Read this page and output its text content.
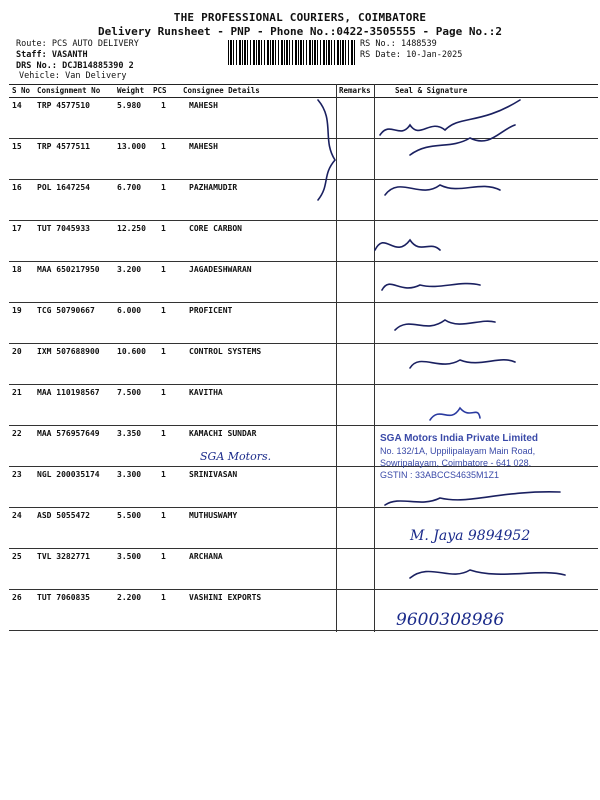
THE PROFESSIONAL COURIERS, COIMBATORE
Delivery Runsheet - PNP - Phone No.:0422-3505555 - Page No.:2
Route: PCS AUTO DELIVERY
Staff: VASANTH
DRS No.: DCJB14885390 2
Vehicle: Van Delivery
RS No.: 1488539
RS Date: 10-Jan-2025
S No Consignment No Weight PCS Consignee Details	Remarks	Seal & Signature
14 TRP 4577510	5.980 1	MAHESH
15 TRP 4577511	13.000 1	MAHESH
16 POL 1647254	6.700 1	PAZHAMUDIR
17 TUT 7045933	12.250 1	CORE CARBON
18 MAA 650217950 3.200 1	JAGADESHWARAN
19 TCG 50790667	6.000 1	PROFICENT
20 IXM 507688900 10.600 1	CONTROL SYSTEMS
21 MAA 110198567 7.500 1	KAVITHA
22 MAA 576957649 3.350 1	KAMACHI SUNDAR
23 NGL 200035174 3.300 1	SRINIVASAN
24 ASD 5055472	5.500 1	MUTHUSWAMY
25 TVL 3282771	3.500 1	ARCHANA
26 TUT 7060835	2.200 1	VASHINI EXPORTS
SGA Motors.
M. Jaya 9894952
9600308986
SGA Motors India Private Limited
No. 132/1A, Uppilipalayam Main Road,
Sowripalayam, Coimbatore - 641 028.
GSTIN : 33ABCCS4635M1Z1
